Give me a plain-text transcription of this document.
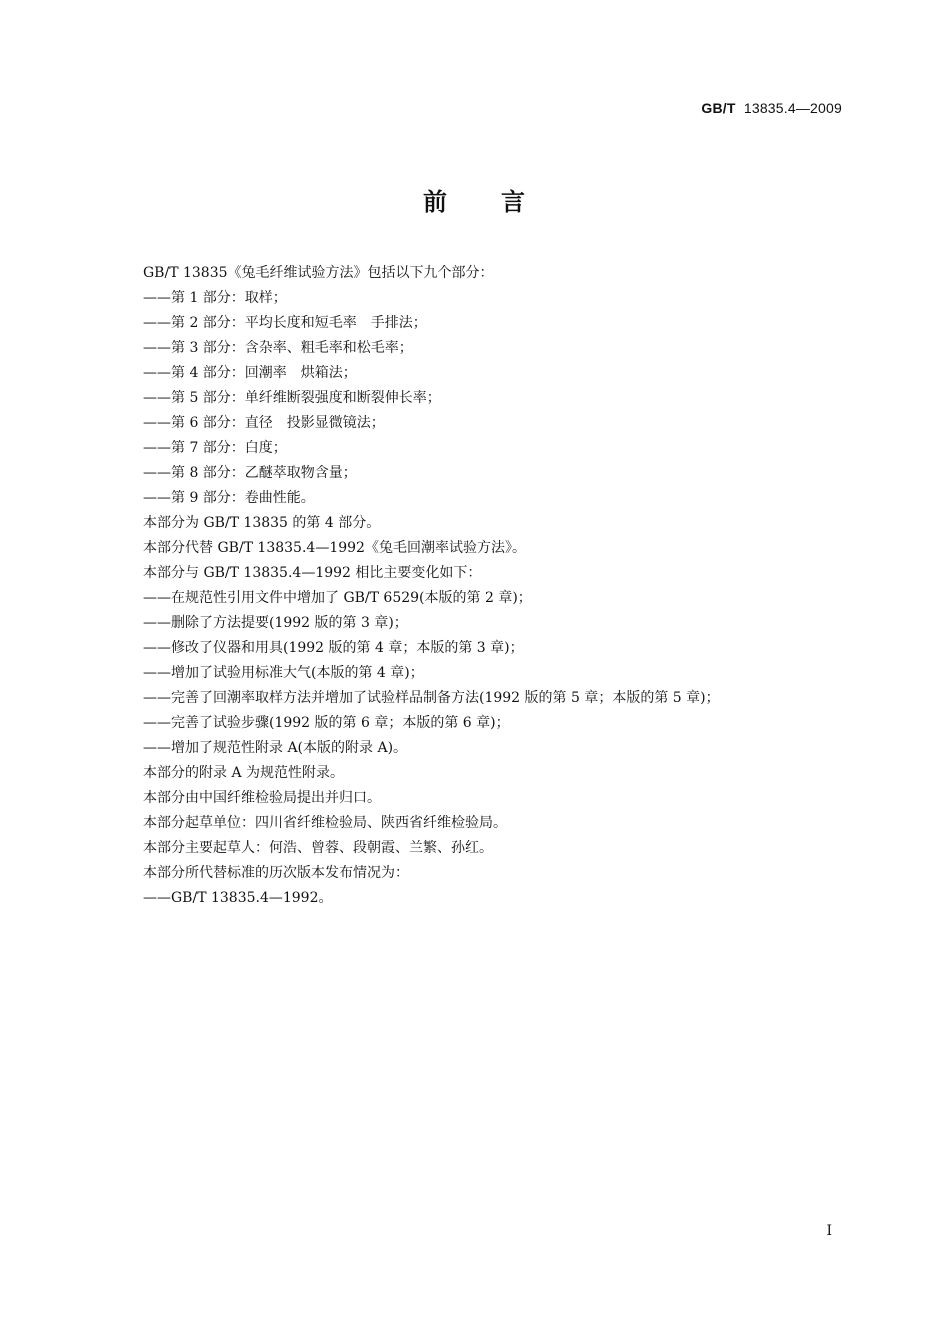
GB/T 13835.4—2009
前　　言
GB/T 13835《兔毛纤维试验方法》包括以下九个部分：
——第 1 部分：取样；
——第 2 部分：平均长度和短毛率　手排法；
——第 3 部分：含杂率、粗毛率和松毛率；
——第 4 部分：回潮率　烘箱法；
——第 5 部分：单纤维断裂强度和断裂伸长率；
——第 6 部分：直径　投影显微镜法；
——第 7 部分：白度；
——第 8 部分：乙醚萃取物含量；
——第 9 部分：卷曲性能。
本部分为 GB/T 13835 的第 4 部分。
本部分代替 GB/T 13835.4—1992《兔毛回潮率试验方法》。
本部分与 GB/T 13835.4—1992 相比主要变化如下：
——在规范性引用文件中增加了 GB/T 6529(本版的第 2 章)；
——删除了方法提要(1992 版的第 3 章)；
——修改了仪器和用具(1992 版的第 4 章；本版的第 3 章)；
——增加了试验用标准大气(本版的第 4 章)；
——完善了回潮率取样方法并增加了试验样品制备方法(1992 版的第 5 章；本版的第 5 章)；
——完善了试验步骤(1992 版的第 6 章；本版的第 6 章)；
——增加了规范性附录 A(本版的附录 A)。
本部分的附录 A 为规范性附录。
本部分由中国纤维检验局提出并归口。
本部分起草单位：四川省纤维检验局、陕西省纤维检验局。
本部分主要起草人：何浩、曾蓉、段朝霞、兰繁、孙红。
本部分所代替标准的历次版本发布情况为：
——GB/T 13835.4—1992。
I
